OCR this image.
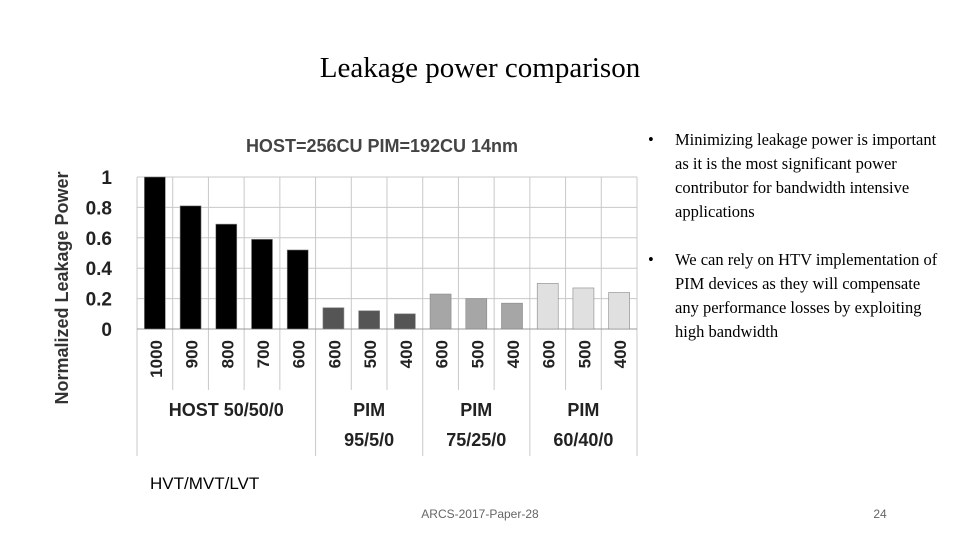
Leakage power comparison
HOST=256CU PIM=192CU 14nm
Normalized Leakage Power 0
0.2
0.4
0.6
0.8
1
1000 900 800 700 600
HOST 50/50/0
600 500 400
PIM
95/5/0
600 500 400
PIM
75/25/0
600 500 400
PIM
60/40/0

• Minimizing leakage power is important as it is the most significant power contributor for bandwidth intensive applications

• We can rely on HTV implementation of PIM devices as they will compensate any performance losses by exploiting high bandwidth

HVT/MVT/LVT
ARCS-2017-Paper-28	24
